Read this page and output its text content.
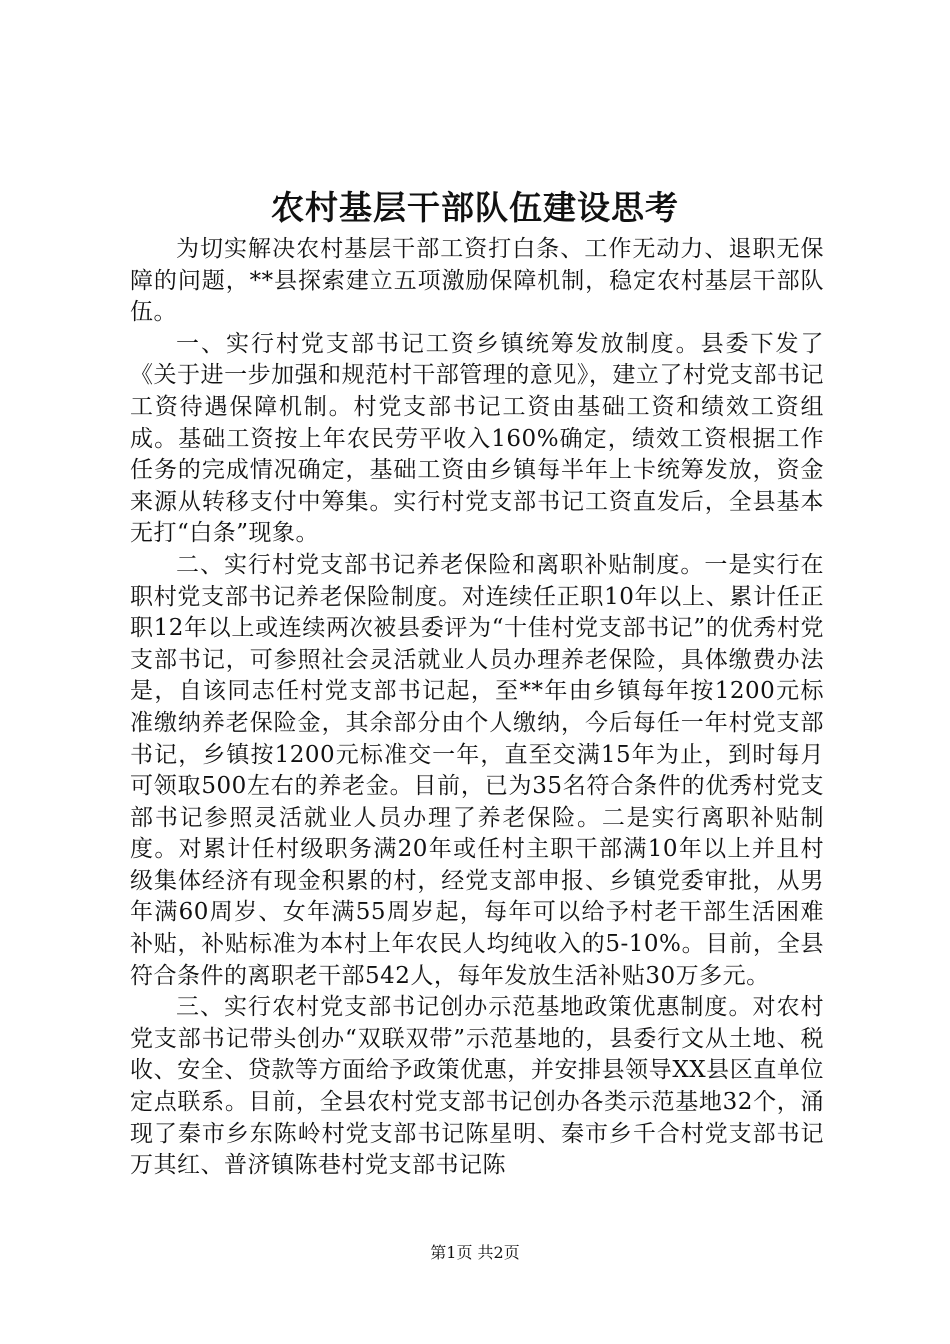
农村基层干部队伍建设思考

为切实解决农村基层干部工资打白条、工作无动力、退职无保障的问题，**县探索建立五项激励保障机制，稳定农村基层干部队伍。

一、实行村党支部书记工资乡镇统筹发放制度。县委下发了《关于进一步加强和规范村干部管理的意见》，建立了村党支部书记工资待遇保障机制。村党支部书记工资由基础工资和绩效工资组成。基础工资按上年农民劳平收入160%确定，绩效工资根据工作任务的完成情况确定，基础工资由乡镇每半年上卡统筹发放，资金来源从转移支付中筹集。实行村党支部书记工资直发后，全县基本无打“白条”现象。

二、实行村党支部书记养老保险和离职补贴制度。一是实行在职村党支部书记养老保险制度。对连续任正职10年以上、累计任正职12年以上或连续两次被县委评为“十佳村党支部书记”的优秀村党支部书记，可参照社会灵活就业人员办理养老保险，具体缴费办法是，自该同志任村党支部书记起，至**年由乡镇每年按1200元标准缴纳养老保险金，其余部分由个人缴纳，今后每任一年村党支部书记，乡镇按1200元标准交一年，直至交满15年为止，到时每月可领取500左右的养老金。目前，已为35名符合条件的优秀村党支部书记参照灵活就业人员办理了养老保险。二是实行离职补贴制度。对累计任村级职务满20年或任村主职干部满10年以上并且村级集体经济有现金积累的村，经党支部申报、乡镇党委审批，从男年满60周岁、女年满55周岁起，每年可以给予村老干部生活困难补贴，补贴标准为本村上年农民人均纯收入的5-10%。目前，全县符合条件的离职老干部542人，每年发放生活补贴30万多元。

三、实行农村党支部书记创办示范基地政策优惠制度。对农村党支部书记带头创办“双联双带”示范基地的，县委行文从土地、税收、安全、贷款等方面给予政策优惠，并安排县领导XX县区直单位定点联系。目前，全县农村党支部书记创办各类示范基地32个，涌现了秦市乡东陈岭村党支部书记陈星明、秦市乡千合村党支部书记万其红、普济镇陈巷村党支部书记陈

第1页 共2页
